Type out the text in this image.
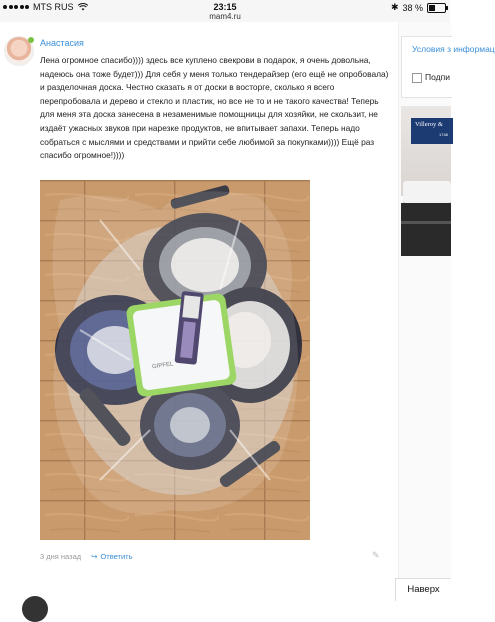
MTS RUS	23:15
mam4.ru
✱ 38 %
Анастасия
Лена огромное спасибо)))) здесь все куплено свекрови в подарок, я очень довольна, надеюсь она тоже будет))) Для себя у меня только тендерайзер (его ещё не опробовала) и разделочная доска. Честно сказать я от доски в восторге, сколько я всего перепробовала и дерево и стекло и пластик, но все не то и не такого качества! Теперь для меня эта доска занесена в незаменимые помощницы для хозяйки, не скользит, не издаёт ужасных звуков при нарезке продуктов, не впитывает запахи. Теперь надо собраться с мыслями и средствами и прийти себе любимой за покупками)))) Ещё раз спасибо огромное!))))
GIPFEL
3 дня назад ↪ Ответить	✎
Условия з информац
Подпи
Villeroy &
1748
Наверх
